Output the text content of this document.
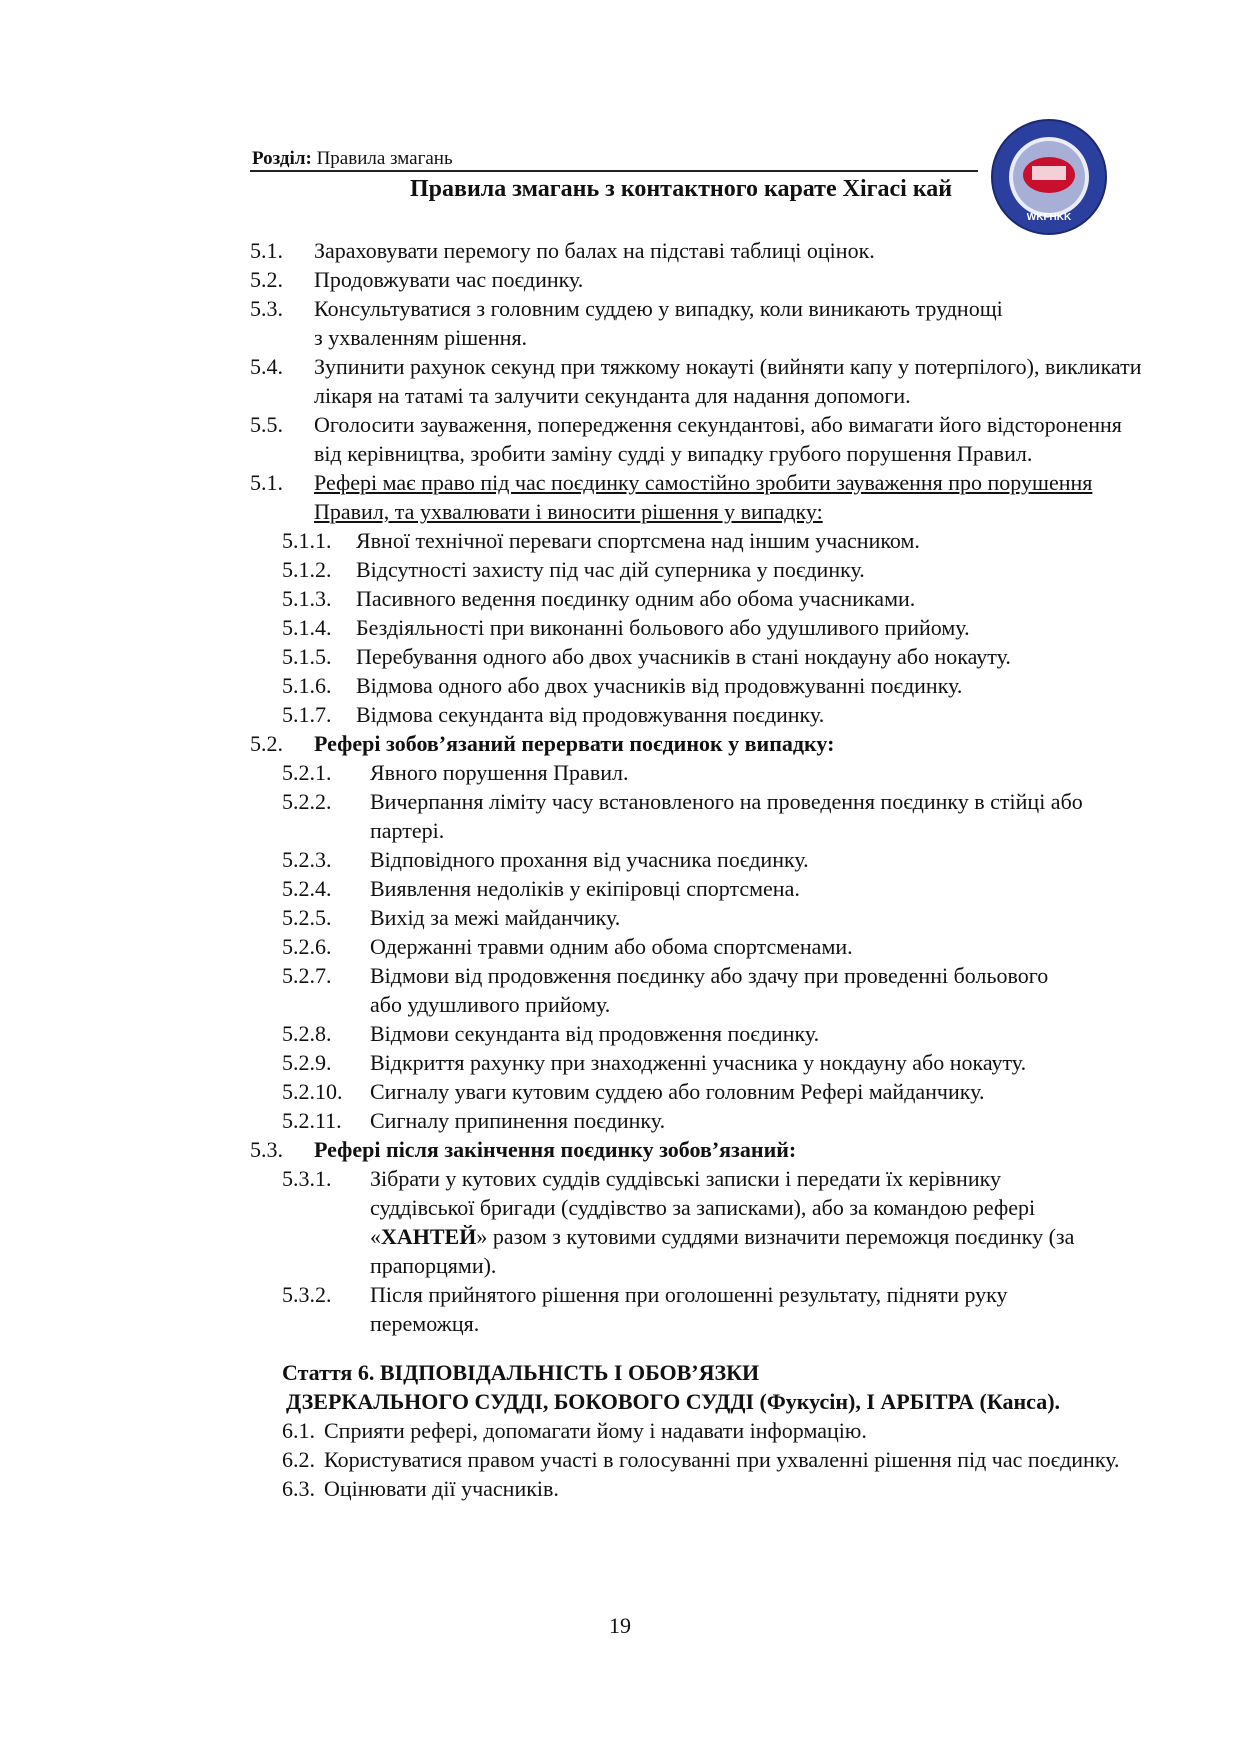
Розділ: Правила змагань
Правила змагань з контактного карате Хігасі кай
WKFHKK
5.1. Зараховувати перемогу по балах на підставі таблиці оцінок.
5.2. Продовжувати час поєдинку.
5.3. Консультуватися з головним суддею у випадку, коли виникають труднощі з ухваленням рішення.
5.4. Зупинити рахунок секунд при тяжкому нокауті (вийняти капу у потерпілого), викликати лікаря на татамі та залучити секунданта для надання допомоги.
5.5. Оголосити зауваження, попередження секундантові, або вимагати його відсторонення від керівництва, зробити заміну судді у випадку грубого порушення Правил.
5.1. Рефері має право під час поєдинку самостійно зробити зауваження про порушення Правил, та ухвалювати і виносити рішення у випадку:
5.1.1. Явної технічної переваги спортсмена над іншим учасником.
5.1.2. Відсутності захисту під час дій суперника у поєдинку.
5.1.3. Пасивного ведення поєдинку одним або обома учасниками.
5.1.4. Бездіяльності при виконанні больового або удушливого прийому.
5.1.5. Перебування одного або двох учасників в стані нокдауну або нокауту.
5.1.6. Відмова одного або двох учасників від продовжуванні поєдинку.
5.1.7. Відмова секунданта від продовжування поєдинку.
5.2. Рефері зобов’язаний перервати поєдинок у випадку:
5.2.1. Явного порушення Правил.
5.2.2. Вичерпання ліміту часу встановленого на проведення поєдинку в стійці або партері.
5.2.3. Відповідного прохання від учасника поєдинку.
5.2.4. Виявлення недоліків у екіпіровці спортсмена.
5.2.5. Вихід за межі майданчику.
5.2.6. Одержанні травми одним або обома спортсменами.
5.2.7. Відмови від продовження поєдинку або здачу при проведенні больового або удушливого прийому.
5.2.8. Відмови секунданта від продовження поєдинку.
5.2.9. Відкриття рахунку при знаходженні учасника у нокдауну або нокауту.
5.2.10. Сигналу уваги кутовим суддею або головним Рефері майданчику.
5.2.11. Сигналу припинення поєдинку.
5.3. Рефері після закінчення поєдинку зобов’язаний:
5.3.1. Зібрати у кутових суддів суддівські записки і передати їх керівнику суддівської бригади (суддівство за записками), або за командою рефері «ХАНТЕЙ» разом з кутовими суддями визначити переможця поєдинку (за прапорцями).
5.3.2. Після прийнятого рішення при оголошенні результату, підняти руку переможця.
Стаття 6. ВІДПОВІДАЛЬНІСТЬ І ОБОВ’ЯЗКИ
ДЗЕРКАЛЬНОГО СУДДІ, БОКОВОГО СУДДІ (Фукусін), І АРБІТРА (Канса).
6.1. Сприяти рефері, допомагати йому і надавати інформацію.
6.2. Користуватися правом участі в голосуванні при ухваленні рішення під час поєдинку.
6.3. Оцінювати дії учасників.
19
